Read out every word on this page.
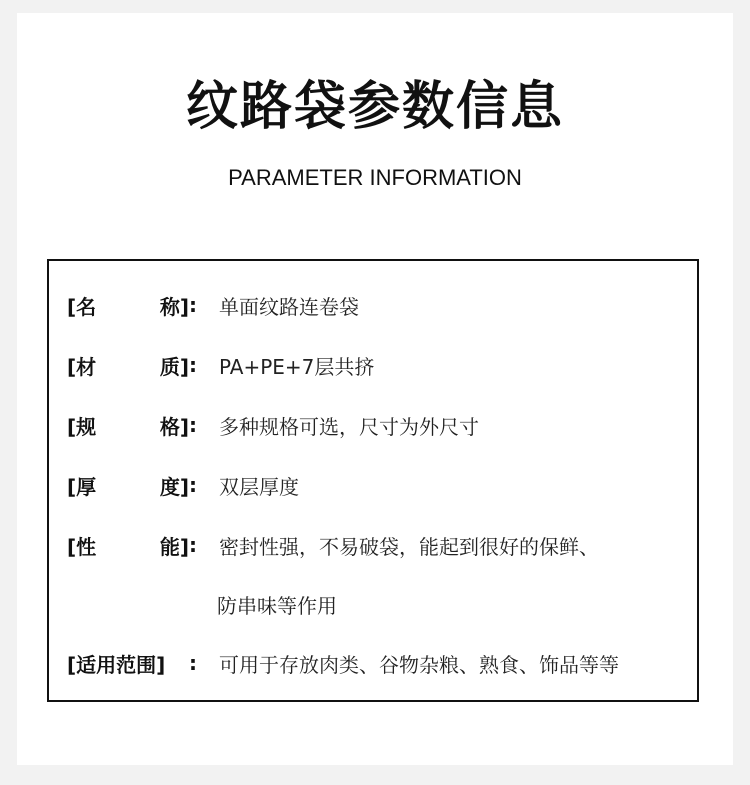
纹路袋参数信息
PARAMETER INFORMATION
[名	称] :	单面纹路连卷袋
[材	质] :	PA+PE+7层共挤
[规	格] :	多种规格可选，尺寸为外尺寸
[厚	度] :	双层厚度
[性	能] :	密封性强，不易破袋，能起到很好的保鲜、
防串味等作用
[适用范围]	:	可用于存放肉类、谷物杂粮、熟食、饰品等等
